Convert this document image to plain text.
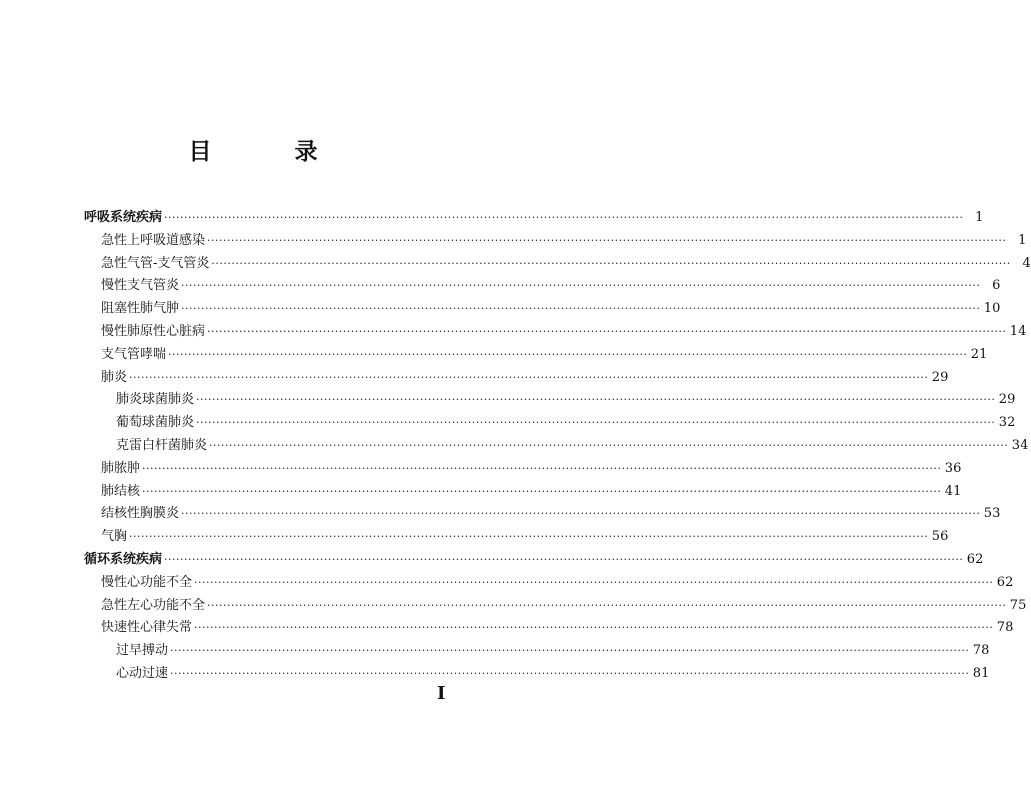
目　录
呼吸系统疾病 ········································································································································································································ 1
急性上呼吸道感染 ········································································································································································································ 1
急性气管-支气管炎 ········································································································································································································ 4
慢性支气管炎 ········································································································································································································ 6
阻塞性肺气肿 ········································································································································································································ 10
慢性肺原性心脏病 ········································································································································································································ 14
支气管哮喘 ········································································································································································································ 21
肺炎 ········································································································································································································ 29
肺炎球菌肺炎 ········································································································································································································ 29
葡萄球菌肺炎 ········································································································································································································ 32
克雷白杆菌肺炎 ········································································································································································································ 34
肺脓肿 ········································································································································································································ 36
肺结核 ········································································································································································································ 41
结核性胸膜炎 ········································································································································································································ 53
气胸 ········································································································································································································ 56
循环系统疾病 ········································································································································································································ 62
慢性心功能不全 ········································································································································································································ 62
急性左心功能不全 ········································································································································································································ 75
快速性心律失常 ········································································································································································································ 78
过早搏动 ········································································································································································································ 78
心动过速 ········································································································································································································ 81
I
